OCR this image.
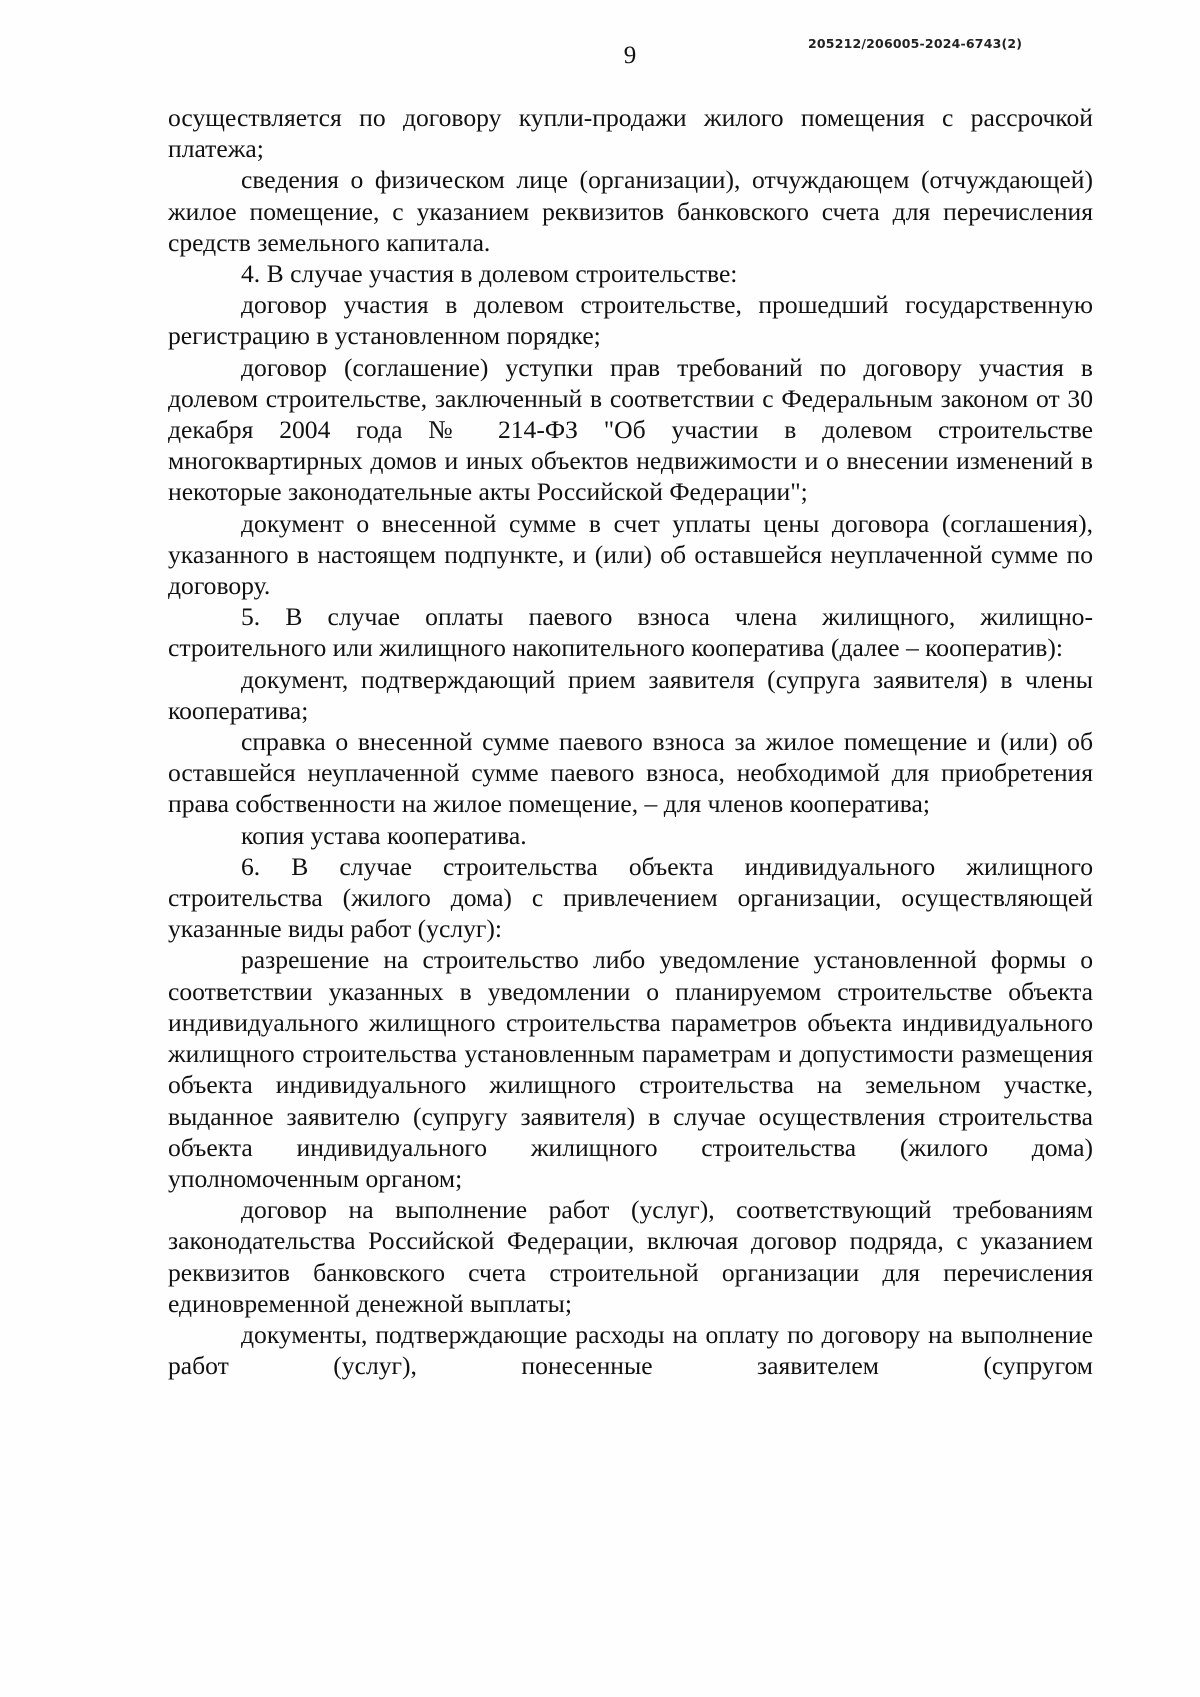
205212/206005-2024-6743(2)
9

осуществляется по договору купли-продажи жилого помещения с рассрочкой платежа;

сведения о физическом лице (организации), отчуждающем (отчуждающей) жилое помещение, с указанием реквизитов банковского счета для перечисления средств земельного капитала.

4. В случае участия в долевом строительстве:

договор участия в долевом строительстве, прошедший государственную регистрацию в установленном порядке;

договор (соглашение) уступки прав требований по договору участия в долевом строительстве, заключенный в соответствии с Федеральным законом от 30 декабря 2004 года № 214-ФЗ "Об участии в долевом строительстве многоквартирных домов и иных объектов недвижимости и о внесении изменений в некоторые законодательные акты Российской Федерации";

документ о внесенной сумме в счет уплаты цены договора (соглашения), указанного в настоящем подпункте, и (или) об оставшейся неуплаченной сумме по договору.

5. В случае оплаты паевого взноса члена жилищного, жилищно-строительного или жилищного накопительного кооператива (далее – кооператив):

документ, подтверждающий прием заявителя (супруга заявителя) в члены кооператива;

справка о внесенной сумме паевого взноса за жилое помещение и (или) об оставшейся неуплаченной сумме паевого взноса, необходимой для приобретения права собственности на жилое помещение, – для членов кооператива;

копия устава кооператива.

6. В случае строительства объекта индивидуального жилищного строительства (жилого дома) с привлечением организации, осуществляющей указанные виды работ (услуг):

разрешение на строительство либо уведомление установленной формы о соответствии указанных в уведомлении о планируемом строительстве объекта индивидуального жилищного строительства параметров объекта индивидуального жилищного строительства установленным параметрам и допустимости размещения объекта индивидуального жилищного строительства на земельном участке, выданное заявителю (супругу заявителя) в случае осуществления строительства объекта индивидуального жилищного строительства (жилого дома) уполномоченным органом;

договор на выполнение работ (услуг), соответствующий требованиям законодательства Российской Федерации, включая договор подряда, с указанием реквизитов банковского счета строительной организации для перечисления единовременной денежной выплаты;

документы, подтверждающие расходы на оплату по договору на выполнение работ (услуг), понесенные заявителем (супругом
